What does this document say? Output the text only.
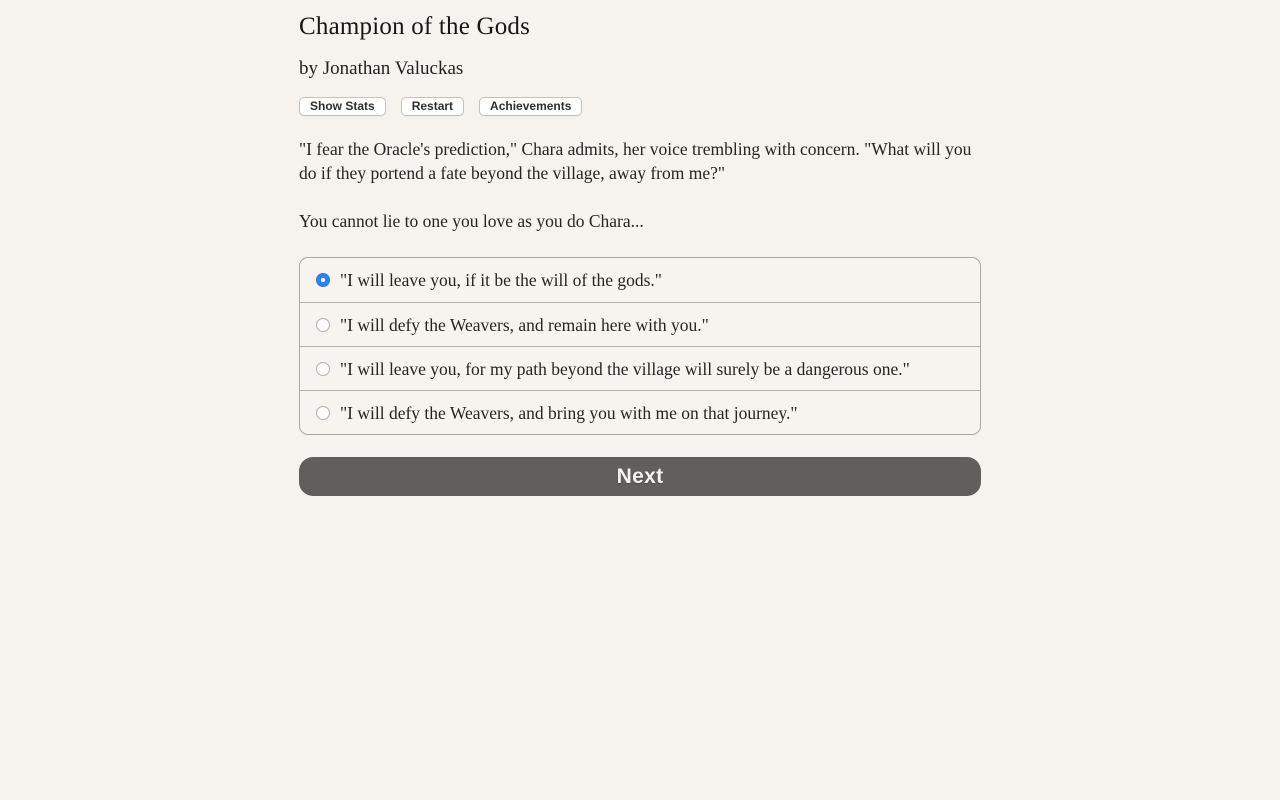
Champion of the Gods
by Jonathan Valuckas
Show Stats	Restart	Achievements

"I fear the Oracle's prediction," Chara admits, her voice trembling with concern. "What will you do if they portend a fate beyond the village, away from me?"

You cannot lie to one you love as you do Chara...

"I will leave you, if it be the will of the gods."
"I will defy the Weavers, and remain here with you."
"I will leave you, for my path beyond the village will surely be a dangerous one."
"I will defy the Weavers, and bring you with me on that journey."
Next
